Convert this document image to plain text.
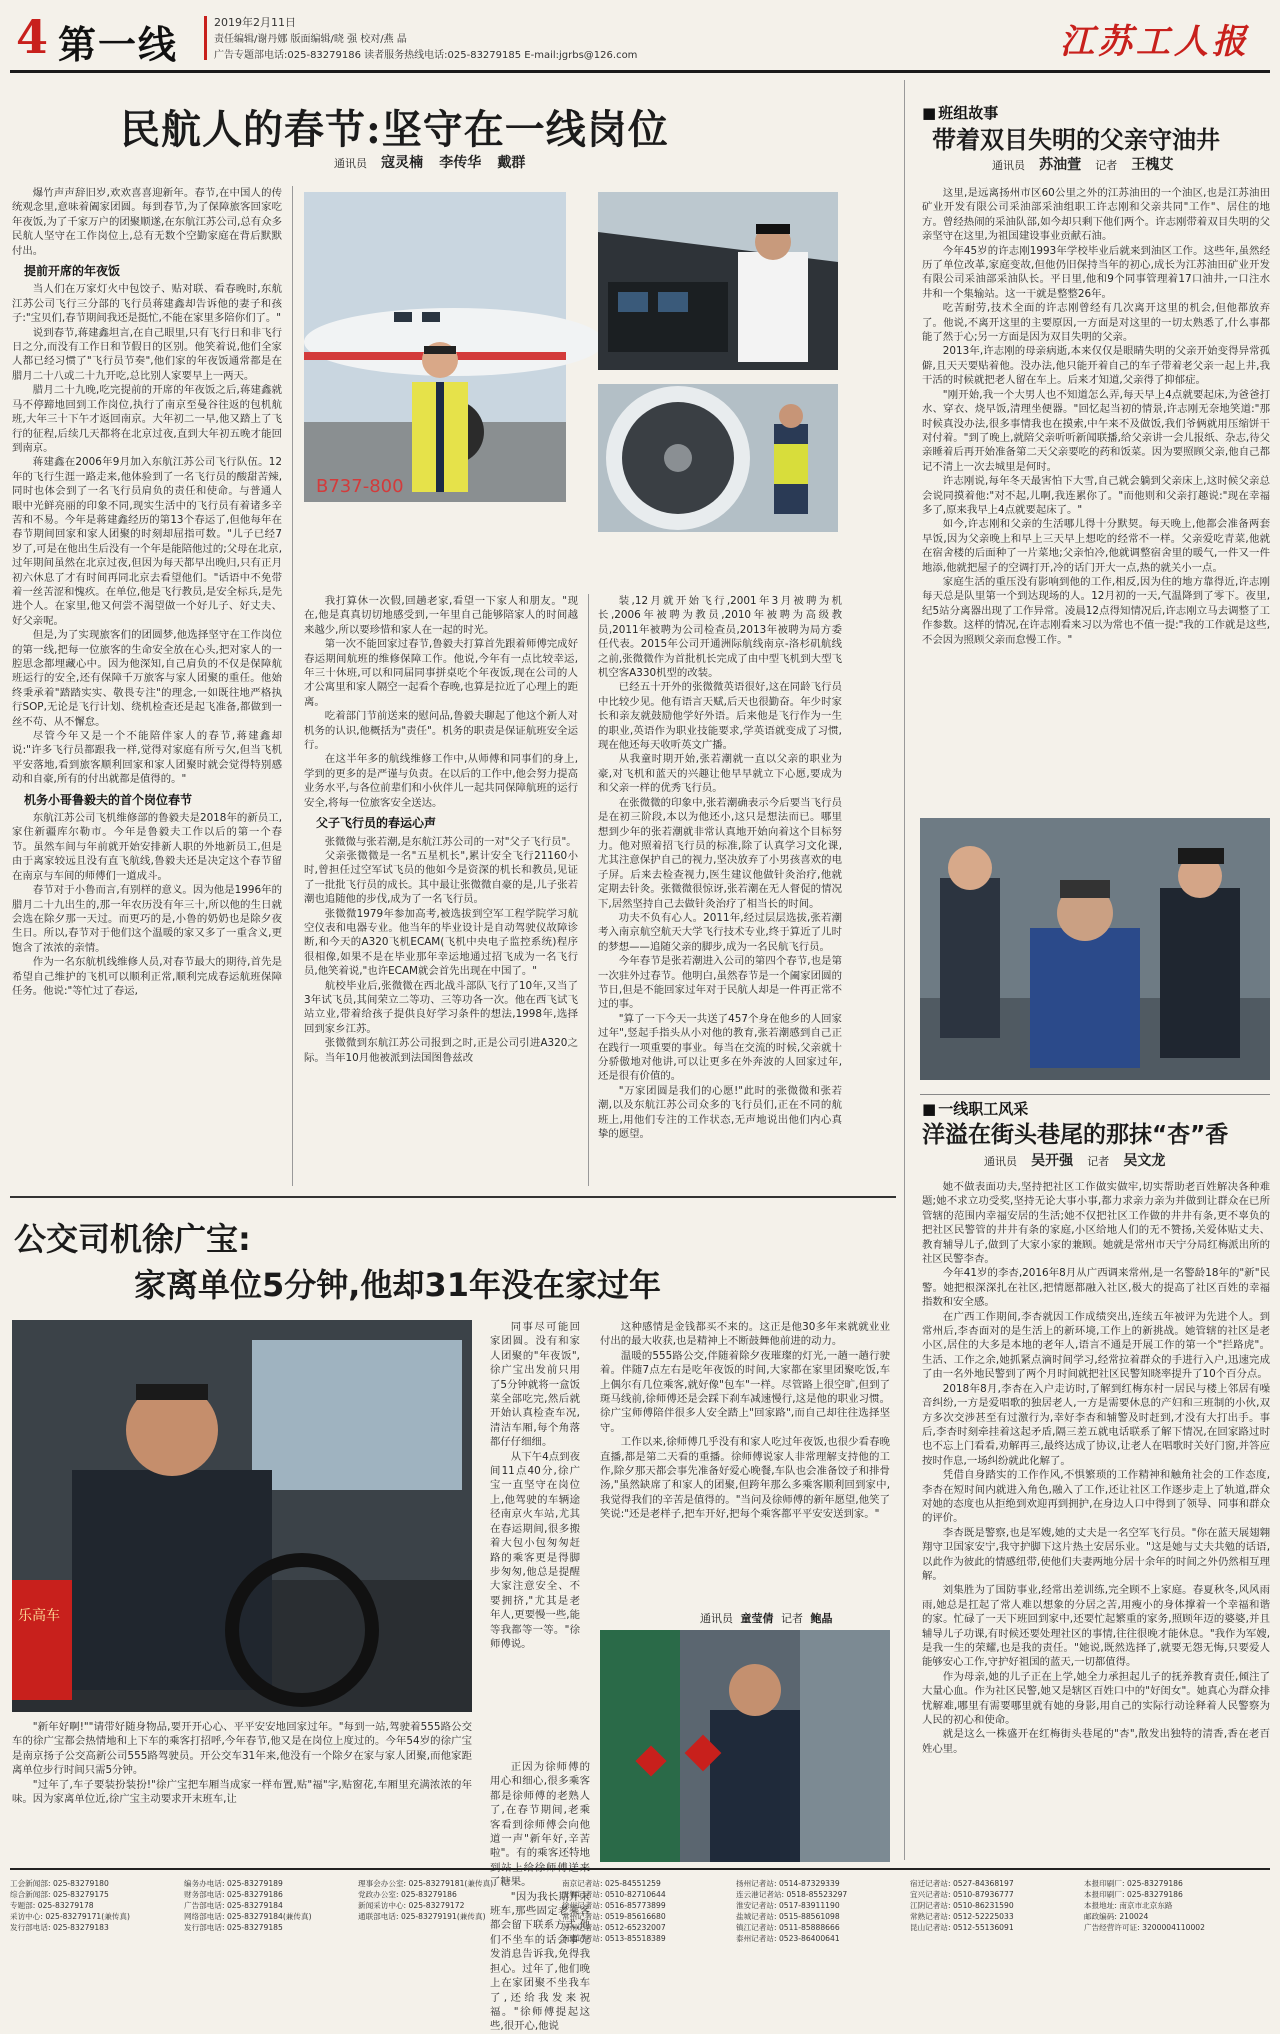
4 第一线
2019年2月11日
责任编辑/谢丹娜 版面编辑/晓 强 校对/燕 晶
广告专题部电话:025-83279186 读者服务热线电话:025-83279185 E-mail:jgrbs@126.com	江苏工人报
民航人的春节:坚守在一线岗位
通讯员 寇灵楠 李传华 戴群

爆竹声声辞旧岁,欢欢喜喜迎新年。春节,在中国人的传统观念里,意味着阖家团圆。每到春节,为了保障旅客回家吃年夜饭,为了千家万户的团聚顺遂,在东航江苏公司,总有众多民航人坚守在工作岗位上,总有无数个空勤家庭在背后默默付出。

提前开席的年夜饭

当人们在万家灯火中包饺子、贴对联、看春晚时,东航江苏公司飞行三分部的飞行员蒋建鑫却告诉他的妻子和孩子:"宝贝们,春节期间我还是挺忙,不能在家里多陪你们了。"

说到春节,蒋建鑫坦言,在自己眼里,只有飞行日和非飞行日之分,而没有工作日和节假日的区别。他笑着说,他们全家人都已经习惯了"飞行员节奏",他们家的年夜饭通常都是在腊月二十八或二十九开吃,总比别人家要早上一两天。

腊月二十九晚,吃完提前的开席的年夜饭之后,蒋建鑫就马不停蹄地回到工作岗位,执行了南京至曼谷往返的包机航班,大年三十下午才返回南京。大年初二一早,他又踏上了飞行的征程,后续几天都将在北京过夜,直到大年初五晚才能回到南京。

蒋建鑫在2006年9月加入东航江苏公司飞行队伍。12年的飞行生涯一路走来,他体验到了一名飞行员的酸甜苦辣,同时也体会到了一名飞行员肩负的责任和使命。与普通人眼中光鲜亮丽的印象不同,现实生活中的飞行员有着诸多辛苦和不易。今年是蒋建鑫经历的第13个春运了,但他每年在春节期间回家和家人团聚的时刻却屈指可数。"儿子已经7岁了,可是在他出生后没有一个年是能陪他过的;父母在北京,过年期间虽然在北京过夜,但因为每天都早出晚归,只有正月初六休息了才有时间再同北京去看望他们。"话语中不免带着一丝苦涩和愧疚。在单位,他是飞行教员,是安全标兵,是先进个人。在家里,他又何尝不渴望做一个好儿子、好丈夫、好父亲呢。

但是,为了实现旅客们的团圆梦,他选择坚守在工作岗位的第一线,把每一位旅客的生命安全放在心头,把对家人的一腔思念都埋藏心中。因为他深知,自己肩负的不仅是保障航班运行的安全,还有保障千万旅客与家人团聚的重任。他始终秉承着"踏踏实实、敬畏专注"的理念,一如既往地严格执行SOP,无论是飞行计划、绕机检查还是起飞准备,都做到一丝不苟、从不懈怠。

尽管今年又是一个不能陪伴家人的春节,蒋建鑫却说:"许多飞行员都跟我一样,觉得对家庭有所亏欠,但当飞机平安落地,看到旅客顺利回家和家人团聚时就会觉得特别感动和自豪,所有的付出就都是值得的。"

机务小哥鲁毅夫的首个岗位春节

东航江苏公司飞机维修部的鲁毅夫是2018年的新员工,家住新疆库尔勒市。今年是鲁毅夫工作以后的第一个春节。虽然车间与年前就开始安排新人职的外地新员工,但是由于离家较远且没有直飞航线,鲁毅夫还是决定这个春节留在南京与车间的师傅们一道成斗。

春节对于小鲁而言,有别样的意义。因为他是1996年的腊月二十九出生的,那一年农历没有年三十,所以他的生日就会选在除夕那一天过。而更巧的是,小鲁的奶奶也是除夕夜生日。所以,春节对于他们这个温暖的家又多了一重含义,更饱含了浓浓的亲情。

作为一名东航机线维修人员,对春节最大的期待,首先是希望自己维护的飞机可以顺利正常,顺利完成春运航班保障任务。他说:"等忙过了春运,

B737-800

我打算休一次假,回趟老家,看望一下家人和朋友。"现在,他是真真切切地感受到,一年里自己能够陪家人的时间越来越少,所以要珍惜和家人在一起的时光。

第一次不能回家过春节,鲁毅夫打算首先跟着师傅完成好春运期间航班的维修保障工作。他说,今年有一点比较幸运,年三十休班,可以和同届同事拼桌吃个年夜饭,现在公司的人才公寓里和家人隔空一起看个春晚,也算是拉近了心理上的距离。

吃着部门节前送来的慰问品,鲁毅夫聊起了他这个新人对机务的认识,他概括为"责任"。机务的职责是保证航班安全运行。

在这半年多的航线维修工作中,从师傅和同事们的身上,学到的更多的是严谨与负责。在以后的工作中,他会努力提高业务水平,与各位前辈们和小伙伴儿一起共同保障航班的运行安全,将每一位旅客安全送达。

父子飞行员的春运心声

张微微与张若潮,是东航江苏公司的一对"父子飞行员"。

父亲张微微是一名"五星机长",累计安全飞行21160小时,曾担任过空军试飞员的他如今是资深的机长和教员,见证了一批批飞行员的成长。其中最让张微微自豪的是,儿子张若潮也追随他的步伐,成为了一名飞行员。

张微微1979年参加高考,被选拔到空军工程学院学习航空仪表和电器专业。他当年的毕业设计是自动驾驶仪故障诊断,和今天的A320飞机ECAM(飞机中央电子监控系统)程序很相像,如果不是在毕业那年幸运地通过招飞成为一名飞行员,他笑着说,"也许ECAM就会首先出现在中国了。"

航校毕业后,张微微在西北战斗部队飞行了10年,又当了3年试飞员,其间荣立二等功、三等功各一次。他在西飞试飞站立业,带着给孩子提供良好学习条件的想法,1998年,选择回到家乡江苏。

张微微到东航江苏公司报到之时,正是公司引进A320之际。当年10月他被派到法国图鲁兹改

装,12月就开始飞行,2001年3月被聘为机长,2006年被聘为教员,2010年被聘为高级教员,2011年被聘为公司检查员,2013年被聘为局方委任代表。2015年公司开通洲际航线南京-洛杉矶航线之前,张微微作为首批机长完成了由中型飞机到大型飞机空客A330机型的改装。

已经五十开外的张微微英语很好,这在同龄飞行员中比较少见。他有语言天赋,后天也很勤奋。年少时家长和亲友就鼓励他学好外语。后来他是飞行作为一生的职业,英语作为职业技能要求,学英语就变成了习惯,现在他还每天收听英文广播。

从我童时期开始,张若潮就一直以父亲的职业为豪,对飞机和蓝天的兴趣让他早早就立下心愿,要成为和父亲一样的优秀飞行员。

在张微微的印象中,张若潮确表示今后要当飞行员是在初三阶段,本以为他还小,这只是想法而已。哪里想到少年的张若潮就非常认真地开始向着这个目标努力。他对照着招飞行员的标准,除了认真学习文化课,尤其注意保护自己的视力,坚决放弃了小男孩喜欢的电子屏。后来去检查视力,医生建议他做针灸治疗,他就定期去针灸。张微微很惊讶,张若潮在无人督促的情况下,居然坚持自己去做针灸治疗了相当长的时间。

功夫不负有心人。2011年,经过层层选拔,张若潮考入南京航空航天大学飞行技术专业,终于算近了儿时的梦想——追随父亲的脚步,成为一名民航飞行员。

今年春节是张若潮进入公司的第四个春节,也是第一次驻外过春节。他明白,虽然春节是一个阖家团圆的节日,但是不能回家过年对于民航人却是一件再正常不过的事。

"算了一下今天一共送了457个身在他乡的人回家过年",竖起手指头从小对他的教育,张若潮感到自己正在践行一项重要的事业。每当在交流的时候,父亲就十分骄傲地对他讲,可以让更多在外奔波的人回家过年,还是很有价值的。

"万家团圆是我们的心愿!"此时的张微微和张若潮,以及东航江苏公司众多的飞行员们,正在不同的航班上,用他们专注的工作状态,无声地说出他们内心真挚的愿望。

■ 班组故事
带着双目失明的父亲守油井
通讯员 苏油萱 记者 王槐艾

这里,是远离扬州市区60公里之外的江苏油田的一个油区,也是江苏油田矿业开发有限公司采油部采油组职工许志刚和父亲共同"工作"、居住的地方。曾经热闹的采油队部,如今却只剩下他们两个。许志刚带着双目失明的父亲坚守在这里,为祖国建设事业贡献石油。

今年45岁的许志刚1993年学校毕业后就来到油区工作。这些年,虽然经历了单位改革,家庭变故,但他仍旧保持当年的初心,成长为江苏油田矿业开发有限公司采油部采油队长。平日里,他和9个同事管理着17口油井,一口注水井和一个集输站。这一干就是整整26年。

吃苦耐劳,技术全面的许志刚曾经有几次离开这里的机会,但他都放弃了。他说,不离开这里的主要原因,一方面是对这里的一切太熟悉了,什么事都能了然于心;另一方面是因为双目失明的父亲。

2013年,许志刚的母亲病逝,本来仅仅是眼睛失明的父亲开始变得异常孤僻,且天天要贴着他。没办法,他只能开着自己的车子带着老父亲一起上井,我干活的时候就把老人留在车上。后来才知道,父亲得了抑郁症。

"刚开始,我一个大男人也不知道怎么弄,每天早上4点就要起床,为爸爸打水、穿衣、烧早饭,清理坐便器。"回忆起当初的情景,许志刚无奈地笑道:"那时候真没办法,很多事情我也在摸索,中午来不及做饭,我们爷俩就用压缩饼干对付着。"到了晚上,就陪父亲听听新闻联播,给父亲讲一会儿报纸、杂志,待父亲睡着后再开始准备第二天父亲要吃的药和饭菜。因为要照顾父亲,他自己都记不清上一次去城里是何时。

许志刚说,每年冬天最害怕下大雪,自己就会躺到父亲床上,这时候父亲总会说同摸着他:"对不起,儿啊,我连累你了。"而他则和父亲打趣说:"现在幸福多了,原来我早上4点就要起床了。"

如今,许志刚和父亲的生活哪儿得十分默契。每天晚上,他都会准备两套早饭,因为父亲晚上和早上三天早上想吃的经常不一样。父亲爱吃青菜,他就在宿舍楼的后面种了一片菜地;父亲怕冷,他就调整宿舍里的暖气,一件又一件地添,他就把屋子的空调打开,冷的话门开大一点,热的就关小一点。

家庭生活的重压没有影响到他的工作,相反,因为住的地方靠得近,许志刚每天总是队里第一个到达现场的人。12月初的一天,气温降到了零下。夜里,纪5站分离器出现了工作异常。凌晨12点得知情况后,许志刚立马去调整了工作参数。这样的情况,在许志刚看来习以为常也不值一提:"我的工作就是这些,不会因为照顾父亲而怠慢工作。"

■ 一线职工风采
洋溢在街头巷尾的那抹“杏”香
通讯员 吴开强 记者 吴文龙

她不做表面功夫,坚持把社区工作做实做牢,切实帮助老百姓解决各种难题;她不求立功受奖,坚持无论大事小事,都力求亲力亲为并做到让群众在已所管辖的范围内幸福安居的生活;她不仅把社区工作做的井井有条,更不辜负的把社区民警管的井井有条的家庭,小区给地人们的无不赞扬,关爱体贴丈夫、教育辅导儿子,做到了大家小家的兼顾。她就是常州市天宁分局红梅派出所的社区民警李杏。

今年41岁的李杏,2016年8月从广西调来常州,是一名警龄18年的"新"民警。她把根深深扎在社区,把情愿都融入社区,极大的提高了社区百姓的幸福指数和安全感。

在广西工作期间,李杏就因工作成绩突出,连续五年被评为先进个人。到常州后,李杏面对的是生活上的新环境,工作上的新挑战。她管辖的社区是老小区,居住的大多是本地的老年人,语言不通是开展工作的第一个"拦路虎"。生活、工作之余,她抓紧点滴时间学习,经常拉着群众的手进行入户,迅速完成了由一名外地民警到了两个月时间就把社区民警知晓率提升了10个百分点。

2018年8月,李杏在入户走访时,了解到红梅东村一居民与楼上邻居有噪音纠纷,一方是爱唱歌的独居老人,一方是需要休息的产妇和三班制的小伙,双方多次交涉甚至有过激行为,幸好李杏和辅警及时赶到,才没有大打出手。事后,李杏时刻牵挂着这起矛盾,隔三差五就电话联系了解下情况,在回家路过时也不忘上门看看,劝解再三,最终达成了协议,让老人在唱歌时关好门窗,并答应按时作息,一场纠纷就此化解了。

凭借自身踏实的工作作风,不惧繁琐的工作精神和触角社会的工作态度,李杏在短时间内就进入角色,融入了工作,还让社区工作逐步走上了轨道,群众对她的态度也从拒绝到欢迎再到拥护,在身边人口中得到了领导、同事和群众的评价。

李杏既是警察,也是军嫂,她的丈夫是一名空军飞行员。"你在蓝天展翅翱翔守卫国家安宁,我守护脚下这片热土安居乐业。"这是她与丈夫共勉的话语,以此作为彼此的情感纽带,使他们夫妻两地分居十余年的时间之外仍然相互理解。

刘集胜为了国防事业,经常出差训练,完全顾不上家庭。春夏秋冬,风风雨雨,她总是扛起了常人难以想象的分居之苦,用瘦小的身体撑着一个幸福和谐的家。忙碌了一天下班回到家中,还要忙起繁重的家务,照顾年迈的婆婆,并且辅导儿子功课,有时候还要处理社区的事情,往往很晚才能休息。"我作为军嫂,是我一生的荣耀,也是我的责任。"她说,既然选择了,就要无怨无悔,只要爱人能够安心工作,守护好祖国的蓝天,一切都值得。

作为母亲,她的儿子正在上学,她全力承担起儿子的抚养教育责任,倾注了大量心血。作为社区民警,她又是辖区百姓口中的"好闺女"。她真心为群众排忧解难,哪里有需要哪里就有她的身影,用自己的实际行动诠释着人民警察为人民的初心和使命。

就是这么一株盛开在红梅街头巷尾的"杏",散发出独特的清香,香在老百姓心里。

公交司机徐广宝:
家离单位5分钟,他却31年没在家过年
乐高车

"新年好啊!""请带好随身物品,要开开心心、平平安安地回家过年。"每到一站,驾驶着555路公交车的徐广宝都会热情地和上下车的乘客打招呼,今年春节,他又是在岗位上度过的。今年54岁的徐广宝是南京扬子公交高新公司555路驾驶员。开公交车31年来,他没有一个除夕在家与家人团聚,而他家距离单位步行时间只需5分钟。

"过年了,车子要装扮装扮!"徐广宝把车厢当成家一样布置,贴"福"字,贴窗花,车厢里充满浓浓的年味。因为家离单位近,徐广宝主动要求开末班车,让

同事尽可能回家团圆。没有和家人团聚的"年夜饭",徐广宝出发前只用了5分钟就将一盒饭菜全部吃完,然后就开始认真检查车况,清洁车厢,每个角落都仔仔细细。

从下午4点到夜间11点40分,徐广宝一直坚守在岗位上,他驾驶的车辆途径南京火车站,尤其在春运期间,很多搬着大包小包匆匆赶路的乘客更是得脚步匆匆,他总是提醒大家注意安全、不要拥挤,"尤其是老年人,更要慢一些,能等我都等一等。"徐师傅说。

正因为徐师傅的用心和细心,很多乘客都是徐师傅的老熟人了,在春节期间,老乘客看到徐师傅会向他道一声"新年好,辛苦啦"。有的乘客还特地到站上给徐师傅送来了糖果。

"因为我长期开末班车,那些固定老乘客都会留下联系方式,他们不坐车的话会事先发消息告诉我,免得我担心。过年了,他们晚上在家团聚不坐我车了,还给我发来祝福。"徐师傅提起这些,很开心,他说

这种感情是金钱都买不来的。这正是他30多年来就就业业付出的最大收获,也是精神上不断鼓舞他前进的动力。

温暖的555路公交,伴随着除夕夜璀璨的灯光,一趟一趟行驶着。伴随7点左右是吃年夜饭的时间,大家都在家里团聚吃饭,车上偶尔有几位乘客,就好像"包车"一样。尽管路上很空旷,但到了斑马线前,徐师傅还是会踩下刹车减速慢行,这是他的职业习惯。徐广宝师傅陪伴很多人安全踏上"回家路",而自己却往往选择坚守。

工作以来,徐师傅几乎没有和家人吃过年夜饭,也很少看春晚直播,都是第二天看的重播。徐师傅说家人非常理解支持他的工作,除夕那天都会事先准备好爱心晚餐,车队也会准备饺子和排骨汤,"虽然缺席了和家人的团聚,但跨年那么多乘客顺利回到家中,我觉得我们的辛苦是值得的。"当问及徐师傅的新年愿望,他笑了笑说:"还是老样子,把车开好,把每个乘客都平平安安送到家。"

通讯员 童莹倩 记者 鲍晶
工会新闻部: 025-83279180
综合新闻部: 025-83279175
专题部: 025-83279178
采访中心: 025-83279171(兼传真)
发行部电话: 025-83279183
编务办电话: 025-83279189
财务部电话: 025-83279186
广告部电话: 025-83279184
网络部电话: 025-83279184(兼传真)
发行部电话: 025-83279185
理事会办公室: 025-83279181(兼传真)
党政办公室: 025-83279186
新闻采访中心: 025-83279172
通联部电话: 025-83279191(兼传真)
南京记者站: 025-84551259
无锡记者站: 0510-82710644
徐州记者站: 0516-85773899
常州记者站: 0519-85616680
苏州记者站: 0512-65232007
南通记者站: 0513-85518389
扬州记者站: 0514-87329339
连云港记者站: 0518-85523297
淮安记者站: 0517-83911190
盐城记者站: 0515-88561098
镇江记者站: 0511-85888666
泰州记者站: 0523-86400641
宿迁记者站: 0527-84368197
宜兴记者站: 0510-87936777
江阴记者站: 0510-86231590
常熟记者站: 0512-52225033
昆山记者站: 0512-55136091
本报印刷厂: 025-83279186
本报印刷厂: 025-83279186
本报地址: 南京市北京东路
邮政编码: 210024
广告经营许可证: 3200004110002
